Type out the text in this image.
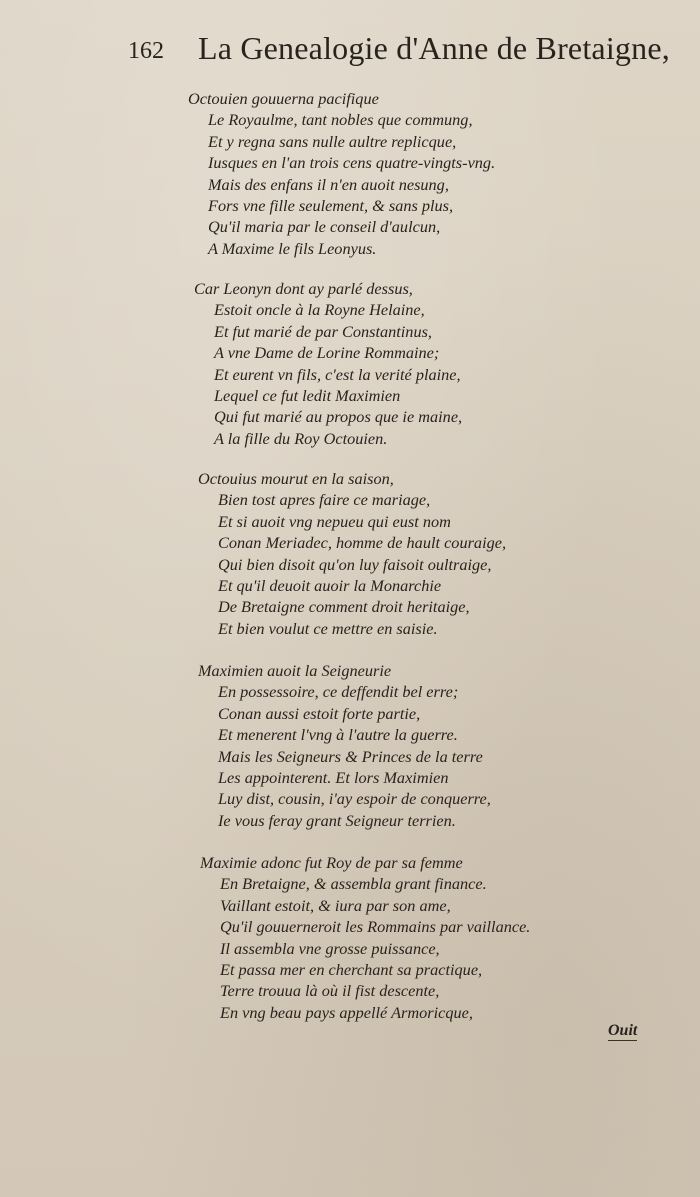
162 La Genealogie d'Anne de Bretaigne,
Octouien gouuerna pacifique
Le Royaulme, tant nobles que commung,
Et y regna sans nulle aultre replicque,
Iusques en l'an trois cens quatre-vingts-vng.
Mais des enfans il n'en auoit nesung,
Fors vne fille seulement, & sans plus,
Qu'il maria par le conseil d'aulcun,
A Maxime le fils Leonyus.
Car Leonyn dont ay parlé dessus,
Estoit oncle à la Royne Helaine,
Et fut marié de par Constantinus,
A vne Dame de Lorine Rommaine;
Et eurent vn fils, c'est la verité plaine,
Lequel ce fut ledit Maximien
Qui fut marié au propos que ie maine,
A la fille du Roy Octouien.
Octouius mourut en la saison,
Bien tost apres faire ce mariage,
Et si auoit vng nepueu qui eust nom
Conan Meriadec, homme de hault couraige,
Qui bien disoit qu'on luy faisoit oultraige,
Et qu'il deuoit auoir la Monarchie
De Bretaigne comment droit heritaige,
Et bien voulut ce mettre en saisie.
Maximien auoit la Seigneurie
En possessoire, ce deffendit bel erre;
Conan aussi estoit forte partie,
Et menerent l'vng à l'autre la guerre.
Mais les Seigneurs & Princes de la terre
Les appointerent. Et lors Maximien
Luy dist, cousin, i'ay espoir de conquerre,
Ie vous feray grant Seigneur terrien.
Maximie adonc fut Roy de par sa femme
En Bretaigne, & assembla grant finance.
Vaillant estoit, & iura par son ame,
Qu'il gouuerneroit les Rommains par vaillance.
Il assembla vne grosse puissance,
Et passa mer en cherchant sa practique,
Terre trouua là où il fist descente,
En vng beau pays appellé Armoricque,
Ouit
